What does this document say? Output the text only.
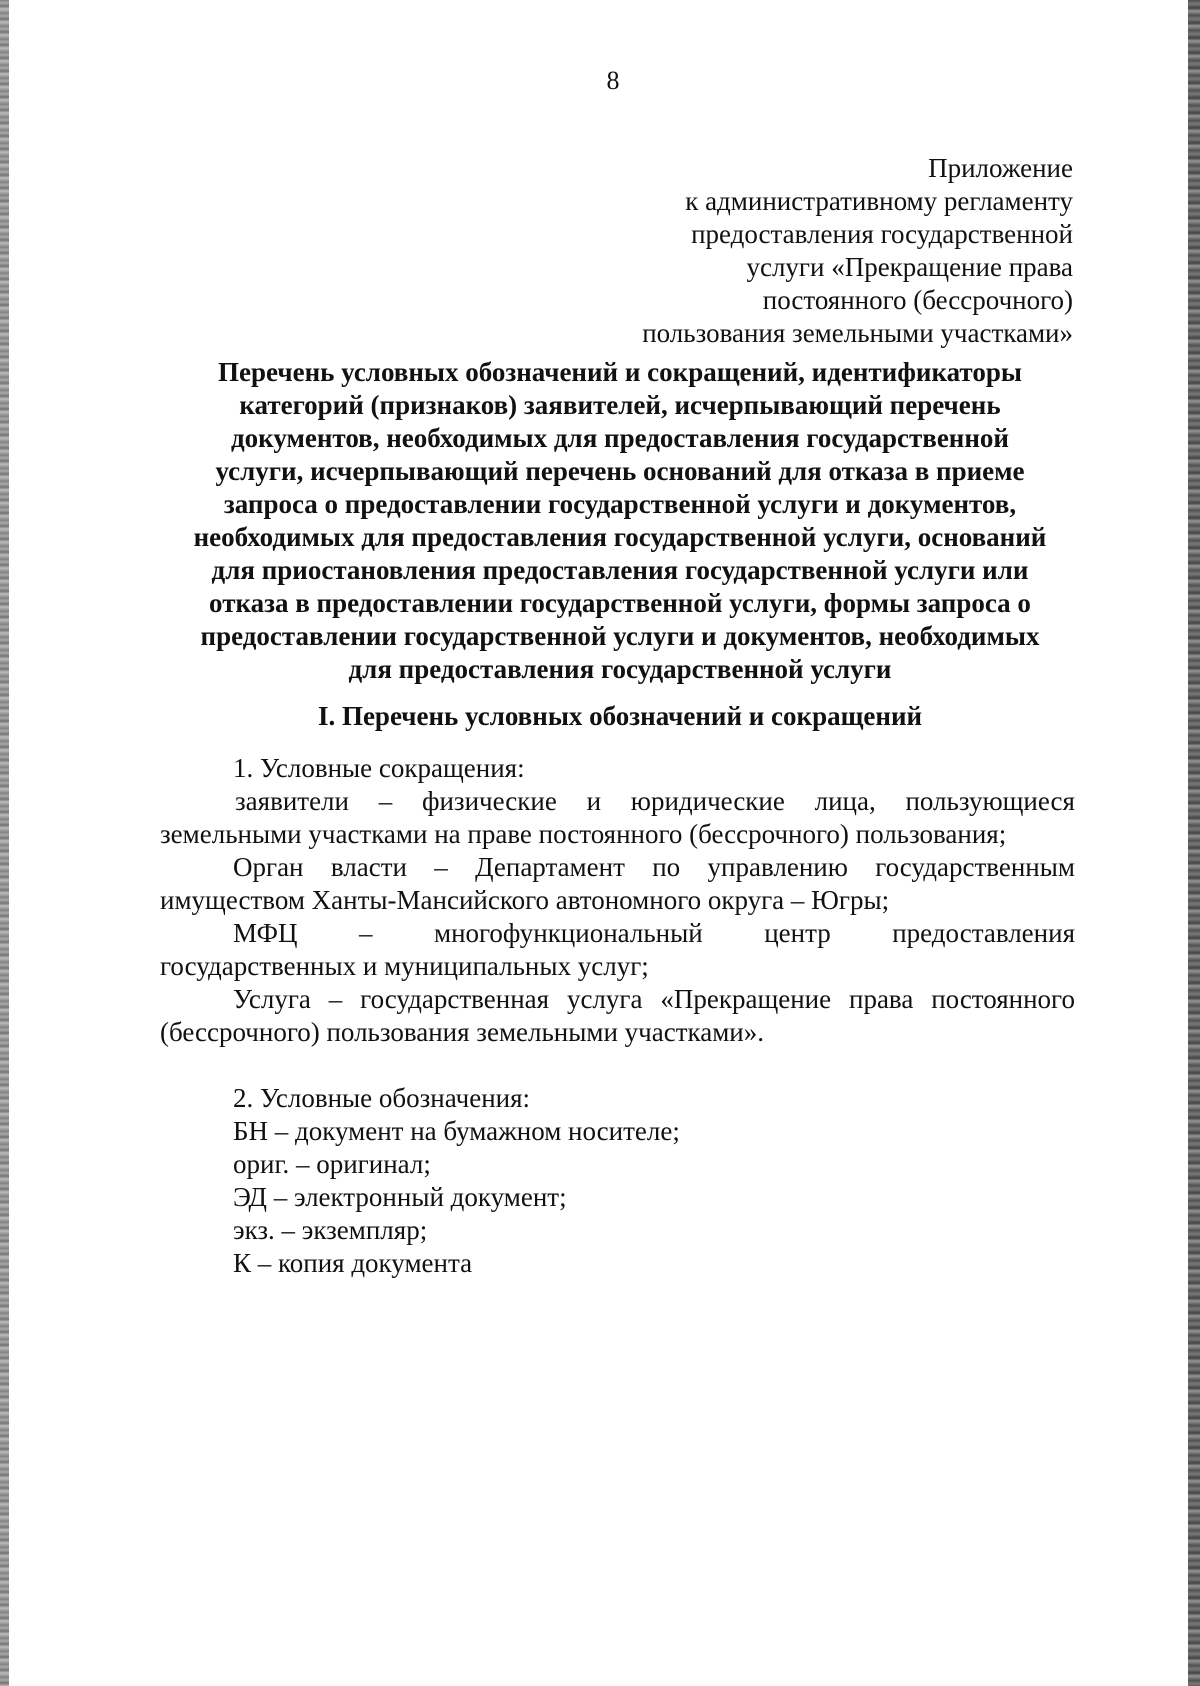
8
Приложение
к административному регламенту
предоставления государственной
услуги «Прекращение права
постоянного (бессрочного)
пользования земельными участками»
Перечень условных обозначений и сокращений, идентификаторы
категорий (признаков) заявителей, исчерпывающий перечень
документов, необходимых для предоставления государственной
услуги, исчерпывающий перечень оснований для отказа в приеме
запроса о предоставлении государственной услуги и документов,
необходимых для предоставления государственной услуги, оснований
для приостановления предоставления государственной услуги или
отказа в предоставлении государственной услуги, формы запроса о
предоставлении государственной услуги и документов, необходимых
для предоставления государственной услуги
I. Перечень условных обозначений и сокращений
1. Условные сокращения:
заявители – физические и юридические лица, пользующиеся
земельными участками на праве постоянного (бессрочного) пользования;
Орган власти – Департамент по управлению государственным
имуществом Ханты-Мансийского автономного округа – Югры;
МФЦ – многофункциональный центр предоставления
государственных и муниципальных услуг;
Услуга – государственная услуга «Прекращение права постоянного
(бессрочного) пользования земельными участками».
2. Условные обозначения:
БН – документ на бумажном носителе;
ориг. – оригинал;
ЭД – электронный документ;
экз. – экземпляр;
К – копия документа
